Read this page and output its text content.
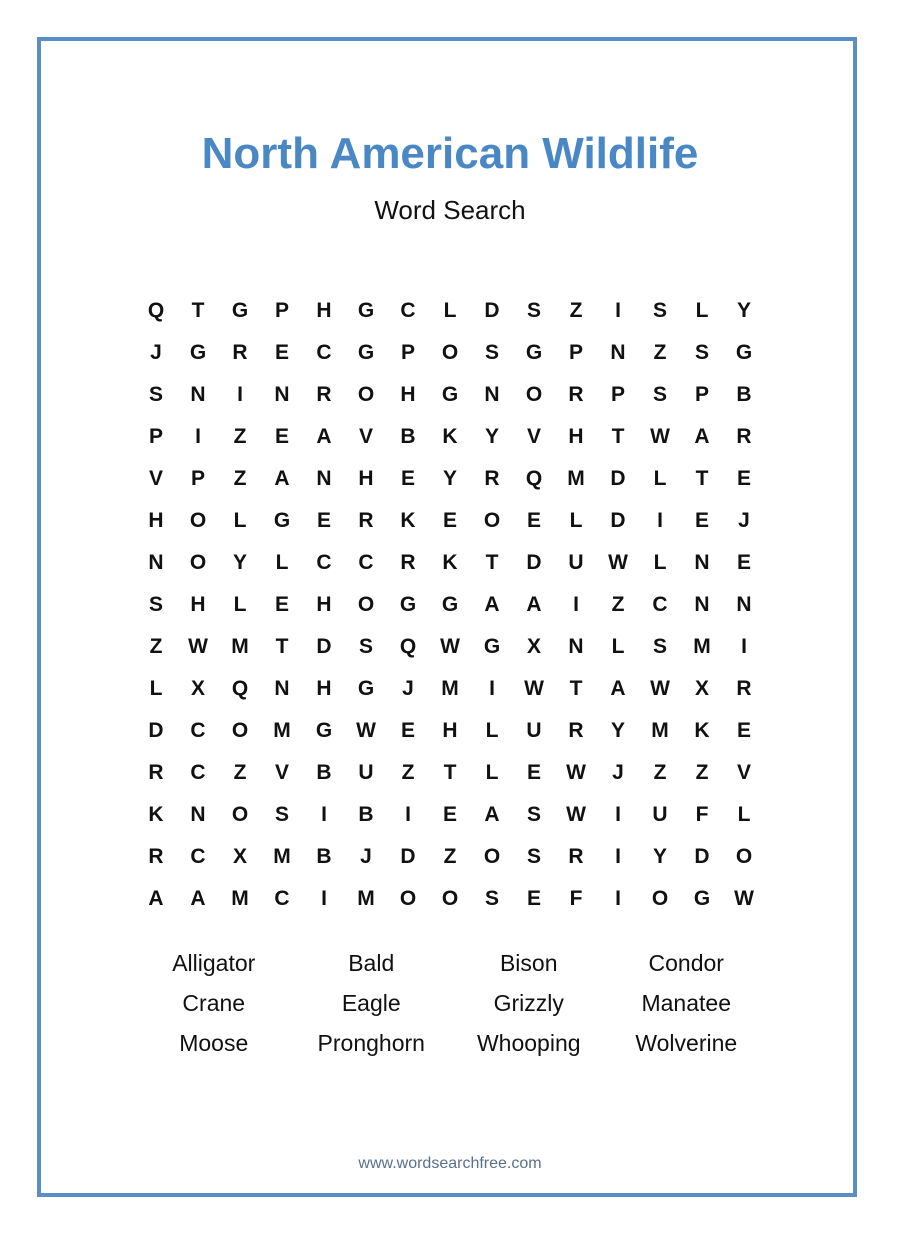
North American Wildlife
Word Search
Q	T	G	P	H	G	C	L	D	S	Z	I	S	L	Y
J	G	R	E	C	G	P	O	S	G	P	N	Z	S	G
S	N	I	N	R	O	H	G	N	O	R	P	S	P	B
P	I	Z	E	A	V	B	K	Y	V	H	T	W	A	R
V	P	Z	A	N	H	E	Y	R	Q	M	D	L	T	E
H	O	L	G	E	R	K	E	O	E	L	D	I	E	J
N	O	Y	L	C	C	R	K	T	D	U	W	L	N	E
S	H	L	E	H	O	G	G	A	A	I	Z	C	N	N
Z	W	M	T	D	S	Q	W	G	X	N	L	S	M	I
L	X	Q	N	H	G	J	M	I	W	T	A	W	X	R
D	C	O	M	G	W	E	H	L	U	R	Y	M	K	E
R	C	Z	V	B	U	Z	T	L	E	W	J	Z	Z	V
K	N	O	S	I	B	I	E	A	S	W	I	U	F	L
R	C	X	M	B	J	D	Z	O	S	R	I	Y	D	O
A	A	M	C	I	M	O	O	S	E	F	I	O	G	W
Alligator	Bald	Bison	Condor
Crane	Eagle	Grizzly	Manatee
Moose	Pronghorn	Whooping	Wolverine
www.wordsearchfree.com
